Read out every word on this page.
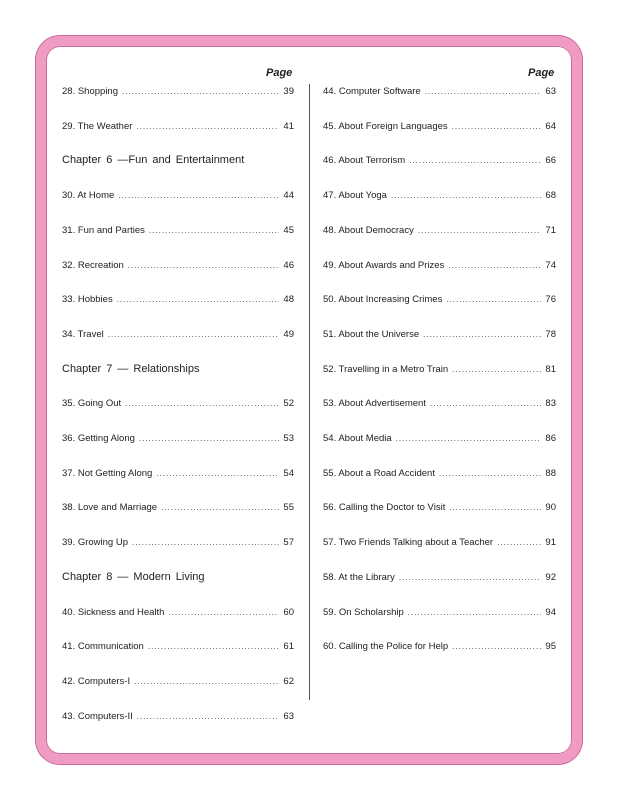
Page	Page
28. Shopping .....	39
29. The Weather .....	41
Chapter 6 —Fun and Entertainment
30. At Home .....	44
31. Fun and Parties .....	45
32. Recreation .....	46
33. Hobbies .....	48
34. Travel .....	49
Chapter 7 — Relationships
35. Going Out .....	52
36. Getting Along .....	53
37. Not Getting Along .....	54
38. Love and Marriage .....	55
39. Growing Up .....	57
Chapter 8 — Modern Living
40. Sickness and Health .....	60
41. Communication .....	61
42. Computers-I .....	62
43. Computers-II .....	63
44. Computer Software .....	63
45. About Foreign Languages .....	64
46. About Terrorism .....	66
47. About Yoga .....	68
48. About Democracy .....	71
49. About Awards and Prizes .....	74
50. About Increasing Crimes .....	76
51. About the Universe .....	78
52. Travelling in a Metro Train .....	81
53. About Advertisement .....	83
54. About Media .....	86
55. About a Road Accident .....	88
56. Calling the Doctor to Visit .....	90
57. Two Friends Talking about a Teacher .....	91
58. At the Library .....	92
59. On Scholarship .....	94
60. Calling the Police for Help .....	95
